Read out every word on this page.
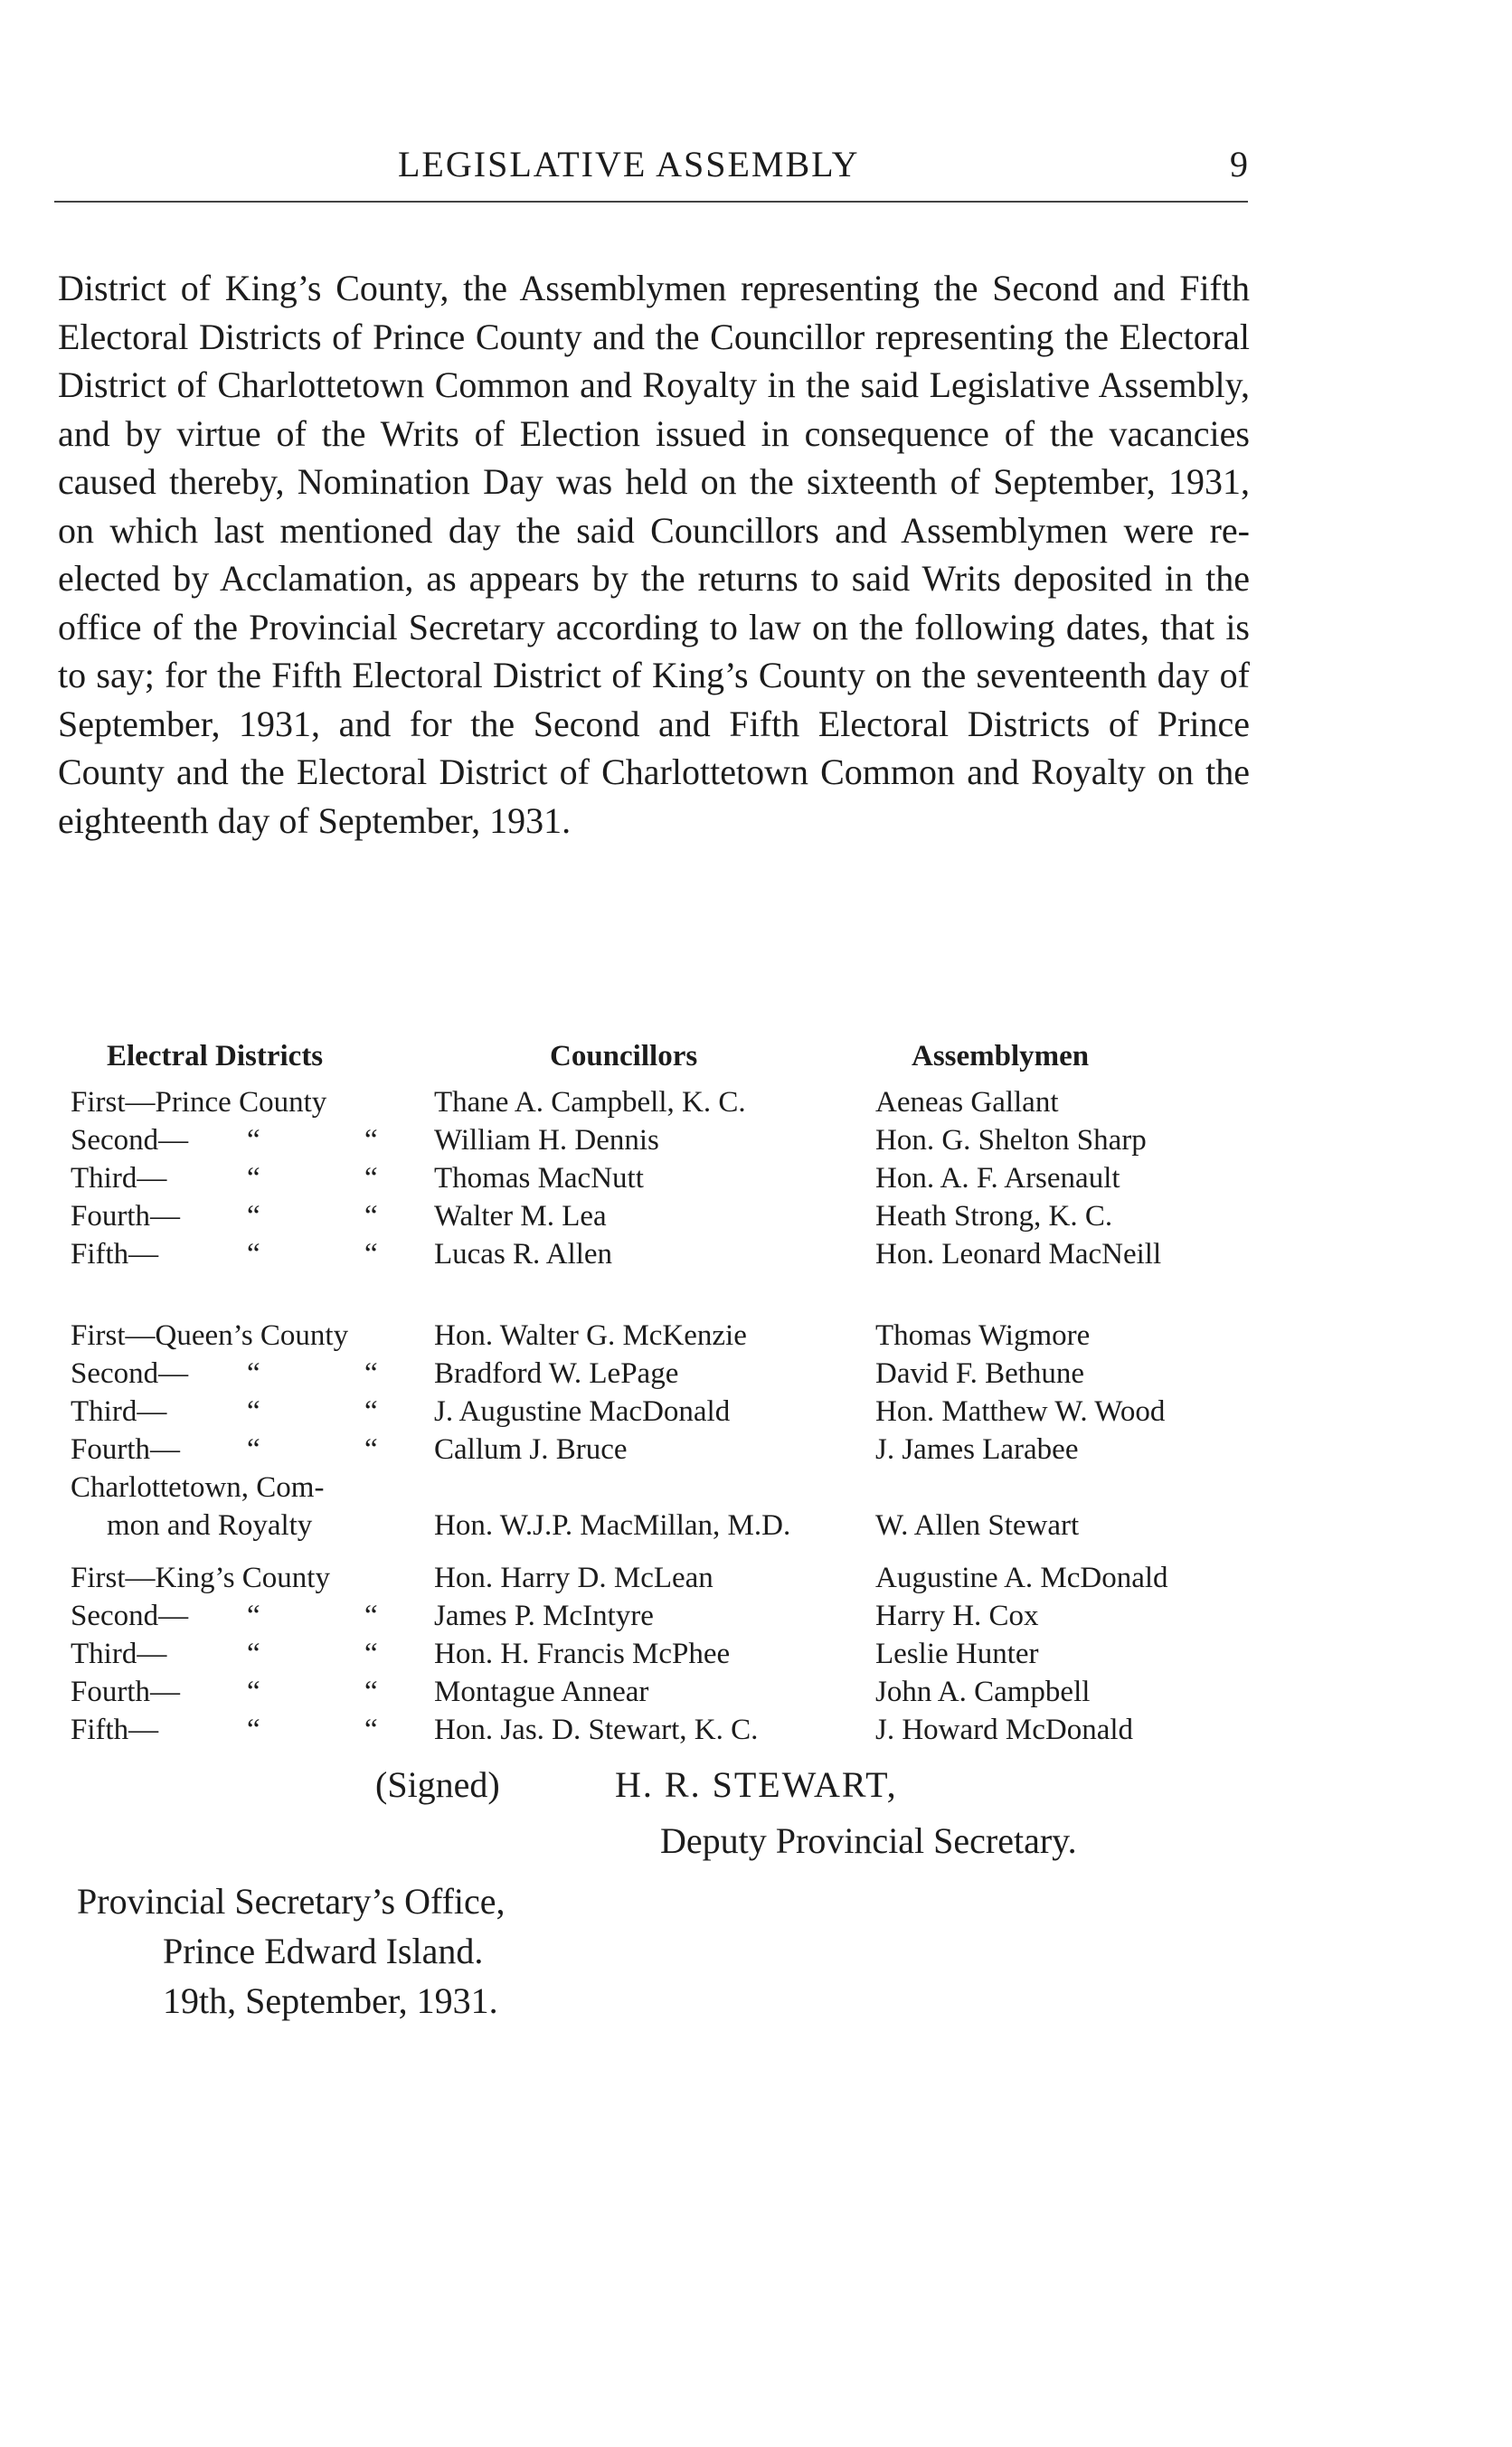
LEGISLATIVE ASSEMBLY	9

District of King’s County, the Assemblymen representing the Second and Fifth Electoral Districts of Prince County and the Councillor representing the Electoral District of Charlottetown Common and Royalty in the said Legislative Assembly, and by virtue of the Writs of Election issued in consequence of the vacancies caused thereby, Nomination Day was held on the sixteenth of September, 1931, on which last mentioned day the said Councillors and Assemblymen were re-elected by Acclamation, as appears by the returns to said Writs deposited in the office of the Provincial Secretary according to law on the following dates, that is to say; for the Fifth Electoral District of King’s County on the seventeenth day of September, 1931, and for the Second and Fifth Electoral Districts of Prince County and the Electoral District of Charlottetown Common and Royalty on the eighteenth day of September, 1931.

Electral Districts	Councillors	Assemblymen
First—Prince County	Thane A. Campbell, K. C.	Aeneas Gallant
Second—	“	“ William H. Dennis	Hon. G. Shelton Sharp
Third—	“	“ Thomas MacNutt	Hon. A. F. Arsenault
Fourth—	“	“ Walter M. Lea	Heath Strong, K. C.
Fifth—	“	“ Lucas R. Allen	Hon. Leonard MacNeill
First—Queen’s County	Hon. Walter G. McKenzie	Thomas Wigmore
Second—	“	“ Bradford W. LePage	David F. Bethune
Third—	“	“ J. Augustine MacDonald	Hon. Matthew W. Wood
Fourth—	“	“ Callum J. Bruce	J. James Larabee
Charlottetown, Com-
mon and Royalty	Hon. W.J.P. MacMillan, M.D.	W. Allen Stewart
First—King’s County	Hon. Harry D. McLean	Augustine A. McDonald
Second—	“	“ James P. McIntyre	Harry H. Cox
Third—	“	“ Hon. H. Francis McPhee	Leslie Hunter
Fourth—	“	“ Montague Annear	John A. Campbell
Fifth—	“	“ Hon. Jas. D. Stewart, K. C.	J. Howard McDonald
(Signed)	H. R. STEWART,
Deputy Provincial Secretary.
Provincial Secretary’s Office,
Prince Edward Island.
19th, September, 1931.
